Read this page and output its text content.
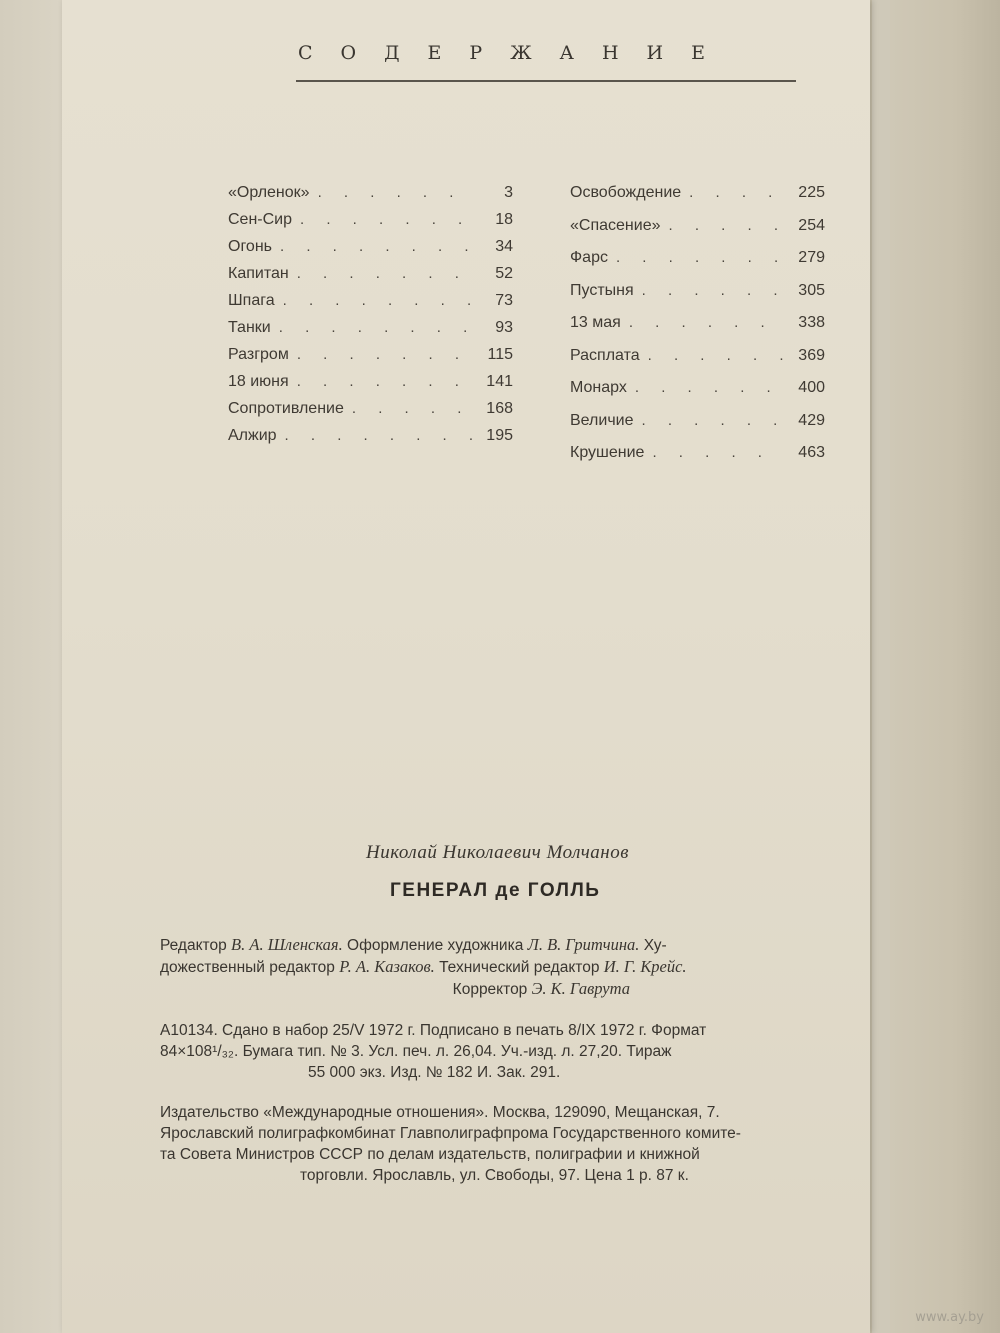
СОДЕРЖАНИЕ
«Орленок» . . .	3
Сен-Сир . . .	18
Огонь . . .	34
Капитан . . .	52
Шпага . . .	73
Танки . . .	93
Разгром . . .	115
18 июня . . .	141
Сопротивление . . .	168
Алжир . . .	195
Освобождение . . .	225
«Спасение» . . .	254
Фарс . . .	279
Пустыня . . .	305
13 мая . . .	338
Расплата . . .	369
Монарх . . .	400
Величие . . .	429
Крушение . . .	463
Николай Николаевич Молчанов
ГЕНЕРАЛ де ГОЛЛЬ
Редактор В. А. Шленская. Оформление художника Л. В. Гритчина. Ху-
дожественный редактор Р. А. Казаков. Технический редактор И. Г. Крейс.
Корректор Э. К. Гаврута
А10134. Сдано в набор 25/V 1972 г. Подписано в печать 8/IX 1972 г. Формат
84×108¹/₃₂. Бумага тип. № 3. Усл. печ. л. 26,04. Уч.-изд. л. 27,20. Тираж
55 000 экз. Изд. № 182 И. Зак. 291.
Издательство «Международные отношения». Москва, 129090, Мещанская, 7.
Ярославский полиграфкомбинат Главполиграфпрома Государственного комите-
та Совета Министров СССР по делам издательств, полиграфии и книжной
торговли. Ярославль, ул. Свободы, 97. Цена 1 р. 87 к.
www.ay.by
